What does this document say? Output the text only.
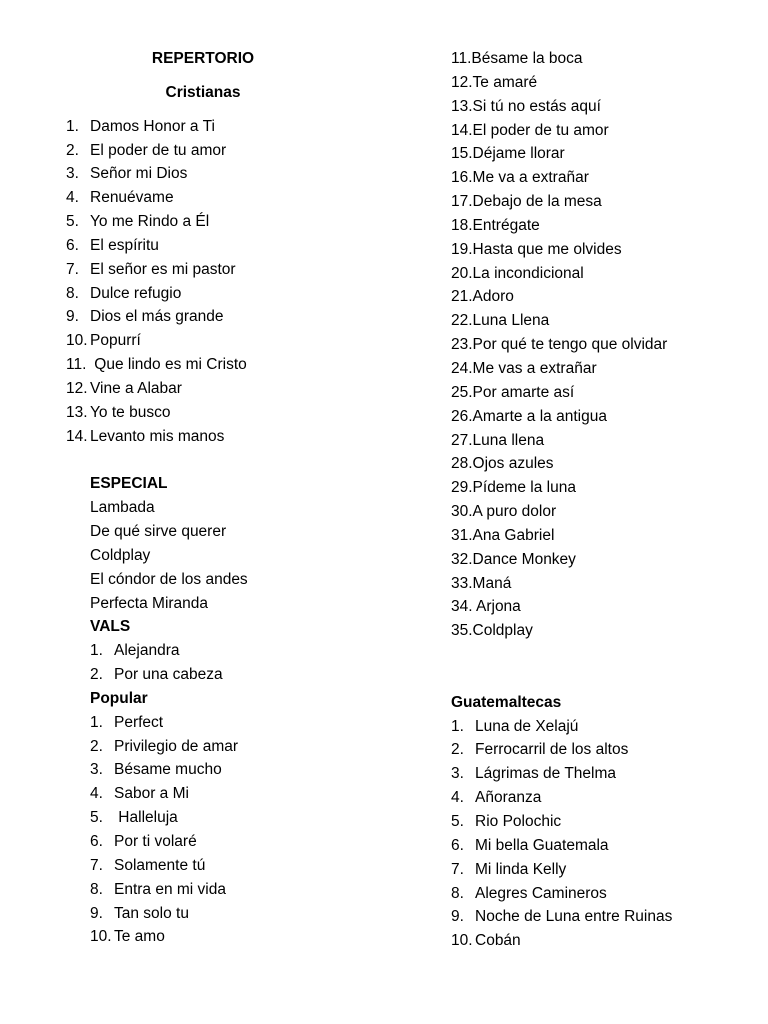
REPERTORIO
Cristianas
1. Damos Honor a Ti
2. El poder de tu amor
3. Señor mi Dios
4. Renuévame
5. Yo me Rindo a Él
6. El espíritu
7. El señor es mi pastor
8. Dulce refugio
9. Dios el más grande
10. Popurrí
11. Que lindo es mi Cristo
12. Vine a Alabar
13. Yo te busco
14. Levanto mis manos
ESPECIAL
Lambada
De qué sirve querer
Coldplay
El cóndor de los andes
Perfecta Miranda
VALS
1. Alejandra
2. Por una cabeza
Popular
1. Perfect
2. Privilegio de amar
3. Bésame mucho
4. Sabor a Mi
5. Halleluja
6. Por ti volaré
7. Solamente tú
8. Entra en mi vida
9. Tan solo tu
10. Te amo
11.Bésame la boca
12.Te amaré
13.Si tú no estás aquí
14.El poder de tu amor
15.Déjame llorar
16.Me va a extrañar
17.Debajo de la mesa
18.Entrégate
19.Hasta que me olvides
20.La incondicional
21.Adoro
22.Luna Llena
23.Por qué te tengo que olvidar
24.Me vas a extrañar
25.Por amarte así
26.Amarte a la antigua
27.Luna llena
28.Ojos azules
29.Pídeme la luna
30.A puro dolor
31.Ana Gabriel
32.Dance Monkey
33.Maná
34. Arjona
35.Coldplay
Guatemaltecas
1. Luna de Xelajú
2. Ferrocarril de los altos
3. Lágrimas de Thelma
4. Añoranza
5. Rio Polochic
6. Mi bella Guatemala
7. Mi linda Kelly
8. Alegres Camineros
9. Noche de Luna entre Ruinas
10. Cobán
